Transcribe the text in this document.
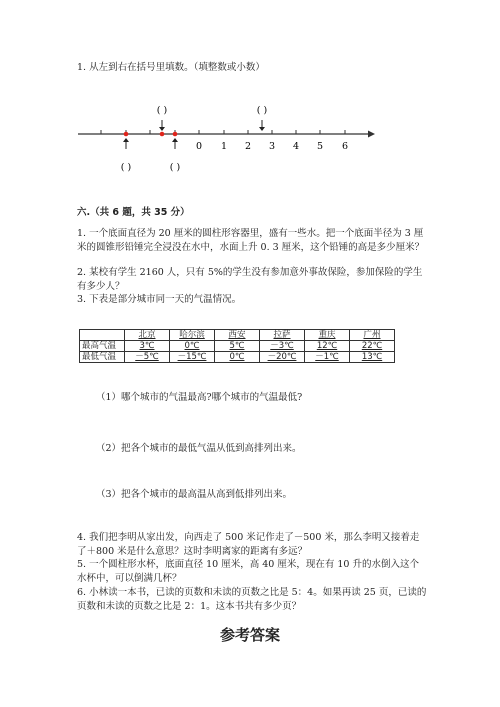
1. 从左到右在括号里填数。（填整数或小数）
0 1 2 3 4 5 6
( )	( )
( )	( )
六.（共 6 题，共 35 分）
1. 一个底面直径为 20 厘米的圆柱形容器里，盛有一些水。把一个底面半径为 3 厘米的圆锥形铅锤完全浸没在水中，水面上升 0. 3 厘米，这个铅锤的高是多少厘米？
2. 某校有学生 2160 人，只有 5%的学生没有参加意外事故保险，参加保险的学生有多少人？
3. 下表是部分城市同一天的气温情况。
	北京	哈尔滨	西安	拉萨	重庆	广州
最高气温	3℃	0℃	5℃	－3℃	12℃	22℃
最低气温	－5℃	－15℃	0℃	－20℃	－1℃	13℃
（1）哪个城市的气温最高?哪个城市的气温最低?
（2）把各个城市的最低气温从低到高排列出来。
（3）把各个城市的最高温从高到低排列出来。
4. 我们把李明从家出发，向西走了 500 米记作走了－500 米，那么李明又接着走了＋800 米是什么意思？这时李明离家的距离有多远？
5. 一个圆柱形水杯，底面直径 10 厘米，高 40 厘米，现在有 10 升的水倒入这个水杯中，可以倒满几杯？
6. 小林读一本书，已读的页数和未读的页数之比是 5：4。如果再读 25 页，已读的页数和未读的页数之比是 2：1。这本书共有多少页？
参考答案
